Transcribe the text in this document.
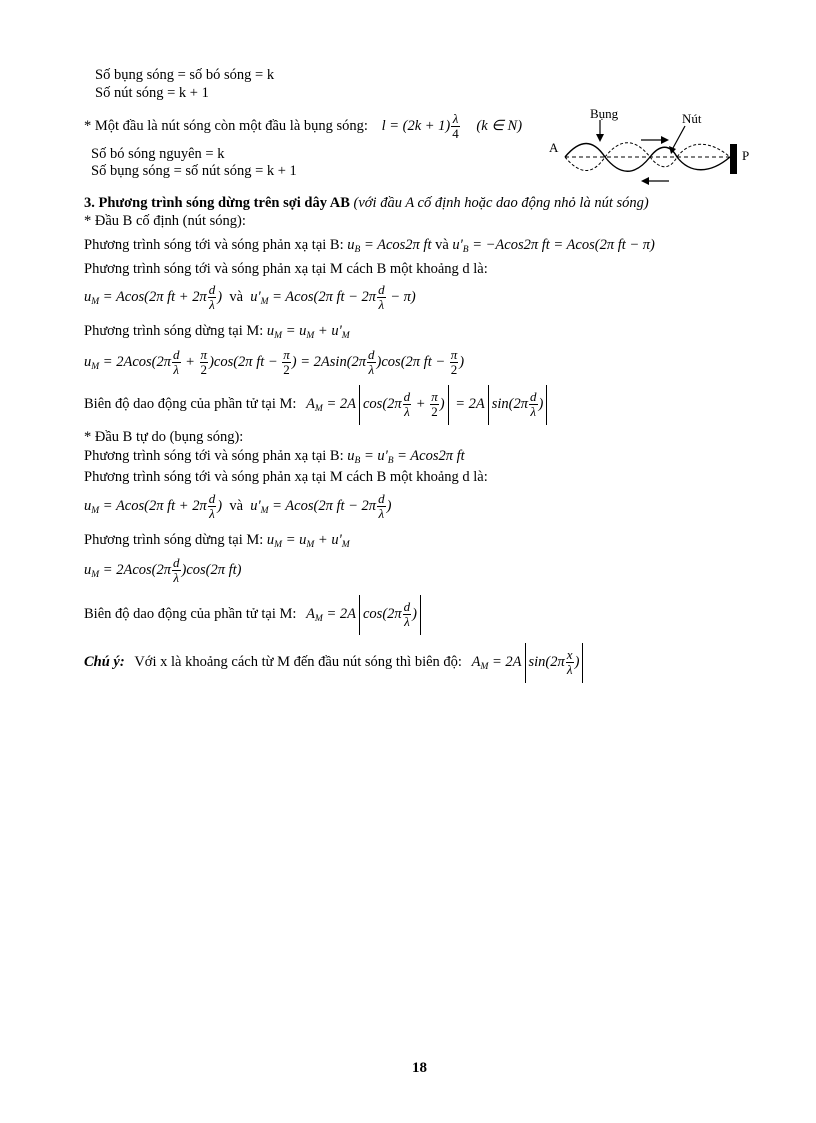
Số bụng sóng = số bó sóng = k
Số nút sóng = k + 1
* Một đầu là nút sóng còn một đầu là bụng sóng: $l = (2k + 1) \frac{\lambda}{4} (k$ ∈ N)
Số bó sóng nguyên = k
Số bụng sóng = số nút sóng = k + 1
Bụng	Nút
A
P
3. Phương trình sóng dừng trên sợi dây AB (với đầu A cố định hoặc dao động nhỏ là nút sóng)
* Đầu B cố định (nút sóng):
Phương trình sóng tới và sóng phản xạ tại B: $u_B = Acos2\pi$ ft và $u'_B = -Acos2\pi$ ft = Acos(2π ft − π)
Phương trình sóng tới và sóng phản xạ tại M cách B một khoảng d là:
$u_M = Acos(2\pi$ ft + $2\pi \frac{d}{\lambda}$ )  và  $u'_M = Acos(2\pi$ ft − $2\pi \frac{d}{\lambda} - \pi$)
Phương trình sóng dừng tại M: $u_M = u_M + u'_M$
$u_M = 2Acos(2\pi \frac{d}{\lambda} + \frac{\pi}{2} )\cos(2\pi$ ft − $\frac{\pi}{2}$ ) = $2Asin(2\pi \frac{d}{\lambda} )\cos(2\pi$ ft − $\frac{\pi}{2}$ )
Biên độ dao động của phần tử tại M: $A_M = 2A$ $\cos(2\pi \frac{d}{\lambda} + \frac{\pi}{2}$ ) = 2A $\sin(2\pi \frac{d}{\lambda}$ )
* Đầu B tự do (bụng sóng):
Phương trình sóng tới và sóng phản xạ tại B: $u_B = u'_B = Acos2\pi$ ft
Phương trình sóng tới và sóng phản xạ tại M cách B một khoảng d là:
$u_M = Acos(2\pi$ ft + $2\pi \frac{d}{\lambda}$ )  và  $u'_M = Acos(2\pi$ ft − $2\pi \frac{d}{\lambda}$ )
Phương trình sóng dừng tại M: $u_M = u_M + u'_M$
$u_M = 2Acos(2\pi \frac{d}{\lambda} )\cos(2\pi$ ft)
Biên độ dao động của phần tử tại M: $A_M = 2A$ $\cos(2\pi \frac{d}{\lambda}$ )
Chú ý: Với x là khoảng cách từ M đến đầu nút sóng thì biên độ: $A_M = 2A$ $\sin(2\pi \frac{x}{\lambda}$ )
18
